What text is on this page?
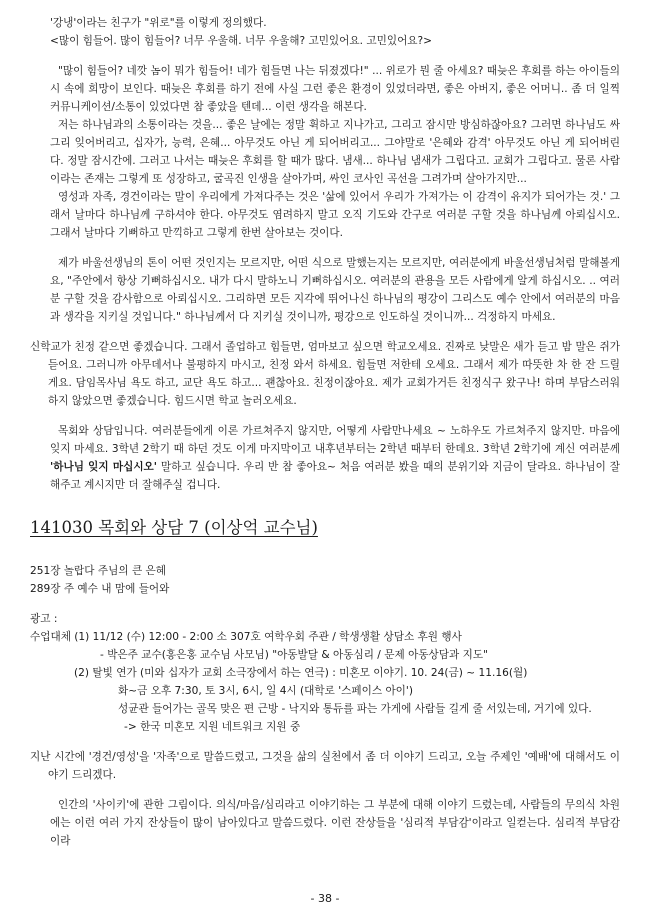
'강냉'이라는 친구가 "위로"를 이렇게 정의했다.

<많이 힘들어. 많이 힘들어? 너무 우울해. 너무 우울해? 고민있어요. 고민있어요?>

"많이 힘들어? 네깟 놈이 뭐가 힘들어! 네가 힘들면 나는 뒤졌겠다!" ... 위로가 뭔 줄 아세요? 때늦은 후회를 하는 아이들의 시 속에 희망이 보인다. 때늦은 후회를 하기 전에 사실 그런 좋은 환경이 있었더라면, 좋은 아버지, 좋은 어머니.. 좀 더 일찍 커뮤니케이션/소통이 있었다면 참 좋았을 텐데... 이런 생각을 해본다.

저는 하나님과의 소통이라는 것을... 좋은 날에는 정말 휙하고 지나가고, 그리고 잠시만 방심하잖아요? 그러면 하나님도 싸그리 잊어버리고, 십자가, 능력, 은혜... 아무것도 아닌 게 되어버리고... 그야말로 '은혜와 감격' 아무것도 아닌 게 되어버린다. 정말 잠시간에. 그러고 나서는 때늦은 후회를 할 때가 많다. 냄새... 하나님 냄새가 그립다고. 교회가 그립다고. 물론 사람이라는 존재는 그렇게 또 성장하고, 굴곡진 인생을 살아가며, 싸인 코사인 곡선을 그려가며 살아가지만...

영성과 자족, 경건이라는 말이 우리에게 가져다주는 것은 '삶에 있어서 우리가 가져가는 이 감격이 유지가 되어가는 것.' 그래서 날마다 하나님께 구하셔야 한다. 아무것도 염려하지 말고 오직 기도와 간구로 여러분 구할 것을 하나님께 아뢰십시오. 그래서 날마다 기뻐하고 만끽하고 그렇게 한번 살아보는 것이다.

제가 바울선생님의 톤이 어떤 것인지는 모르지만, 어떤 식으로 말했는지는 모르지만, 여러분에게 바울선생님처럼 말해볼게요, "주안에서 항상 기뻐하십시오. 내가 다시 말하노니 기뻐하십시오. 여러분의 관용을 모든 사람에게 알게 하십시오. .. 여러분 구할 것을 감사함으로 아뢰십시오. 그리하면 모든 지각에 뛰어나신 하나님의 평강이 그리스도 예수 안에서 여러분의 마음과 생각을 지키실 것입니다." 하나님께서 다 지키실 것이니까, 평강으로 인도하실 것이니까... 걱정하지 마세요.

신학교가 친정 같으면 좋겠습니다. 그래서 졸업하고 힘들면, 엄마보고 싶으면 학교오세요. 진짜로 낮말은 새가 듣고 밤 말은 쥐가듣어요. 그러니까 아무데서나 불평하지 마시고, 친정 와서 하세요. 힘들면 저한테 오세요. 그래서 제가 따뜻한 차 한 잔 드릴게요. 담임목사님 욕도 하고, 교단 욕도 하고... 괜찮아요. 친정이잖아요. 제가 교회가거든 친정식구 왔구나! 하며 부담스러워하지 않았으면 좋겠습니다. 힘드시면 학교 놀러오세요.

목회와 상담입니다. 여러분들에게 이론 가르쳐주지 않지만, 어떻게 사람만나세요 ~ 노하우도 가르쳐주지 않지만. 마음에 잊지 마세요. 3학년 2학기 때 하던 것도 이게 마지막이고 내후년부터는 2학년 때부터 한데요. 3학년 2학기에 계신 여러분께 '하나님 잊지 마십시오' 말하고 싶습니다. 우리 반 참 좋아요~ 처음 여러분 봤을 때의 분위기와 지금이 달라요. 하나님이 잘해주고 계시지만 더 잘해주실 겁니다.

141030 목회와 상담 7 (이상억 교수님)

251장 놀랍다 주님의 큰 은혜

289장 주 예수 내 맘에 들어와

광고 :

수업대체 (1) 11/12 (수) 12:00 - 2:00 소 307호 여학우회 주관 / 학생생활 상담소 후원 행사

- 박은주 교수(홍은홍 교수님 사모님) "아동발달 & 아동심리 / 문제 아동상담과 지도"

(2) 탈빛 연가 (미와 십자가 교회 소극장에서 하는 연극) : 미혼모 이야기. 10. 24(금) ~ 11.16(월)

화~금 오후 7:30, 토 3시, 6시, 일 4시 (대학로 '스페이스 아이')

성균관 들어가는 골목 맞은 편 근방 - 낙지와 통듀를 파는 가게에 사람들 길게 줄 서있는데, 거기에 있다.

-> 한국 미혼모 지원 네트워크 지원 중

지난 시간에 '경건/영성'을 '자족'으로 말씀드렸고, 그것을 삶의 실천에서 좀 더 이야기 드리고, 오늘 주제인 '예배'에 대해서도 이야기 드리겠다.

인간의 '사이키'에 관한 그림이다. 의식/마음/심리라고 이야기하는 그 부분에 대해 이야기 드렸는데, 사람들의 무의식 차원에는 이런 여러 가지 잔상들이 많이 남아있다고 말씀드렸다. 이런 잔상들을 '심리적 부담감'이라고 일컫는다. 심리적 부담감이라

- 38 -
